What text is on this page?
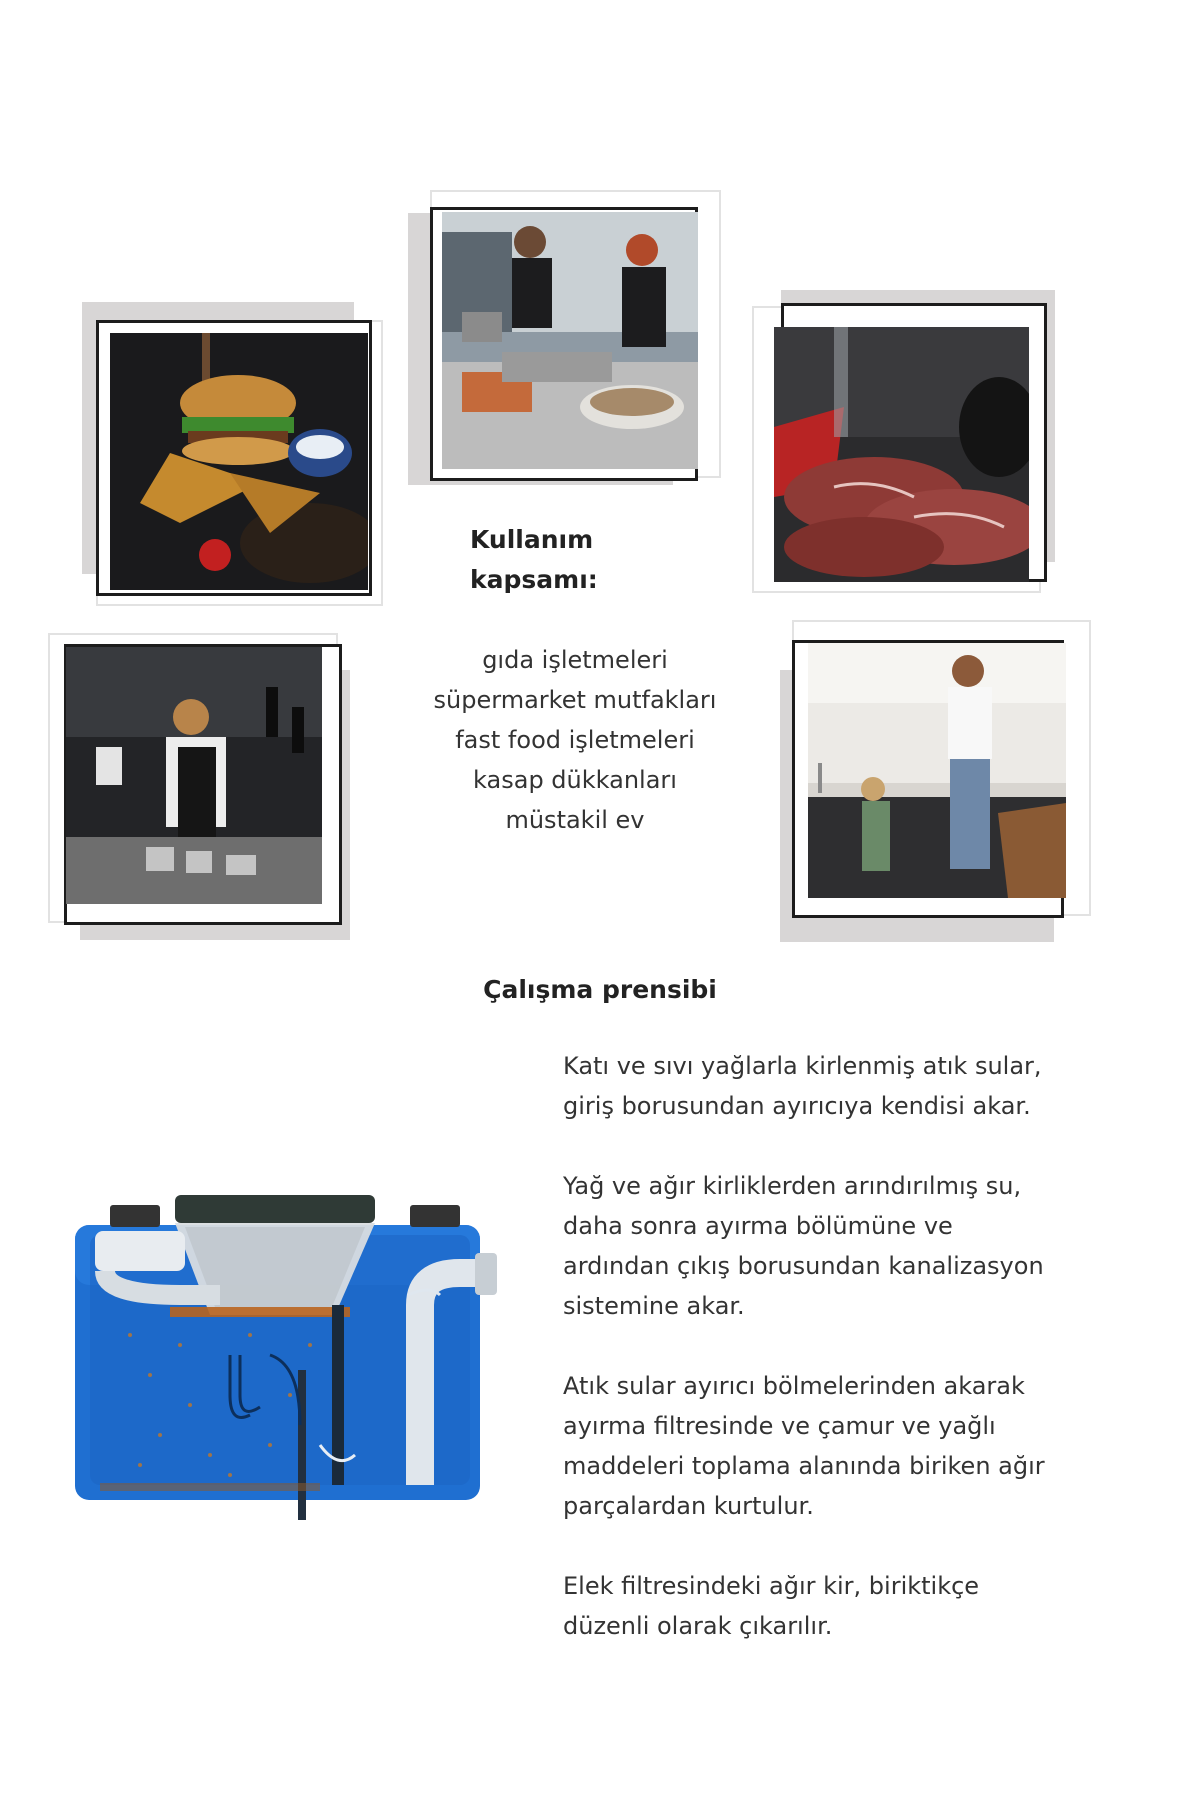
Kullanım
kapsamı:
gıda işletmeleri
süpermarket mutfakları
fast food işletmeleri
kasap dükkanları
müstakil ev
Çalışma prensibi

Katı ve sıvı yağlarla kirlenmiş atık sular,
giriş borusundan ayırıcıya kendisi akar.

Yağ ve ağır kirliklerden arındırılmış su,
daha sonra ayırma bölümüne ve
ardından çıkış borusundan kanalizasyon
sistemine akar.

Atık sular ayırıcı bölmelerinden akarak
ayırma filtresinde ve çamur ve yağlı
maddeleri toplama alanında biriken ağır
parçalardan kurtulur.

Elek filtresindeki ağır kir, biriktikçe
düzenli olarak çıkarılır.
